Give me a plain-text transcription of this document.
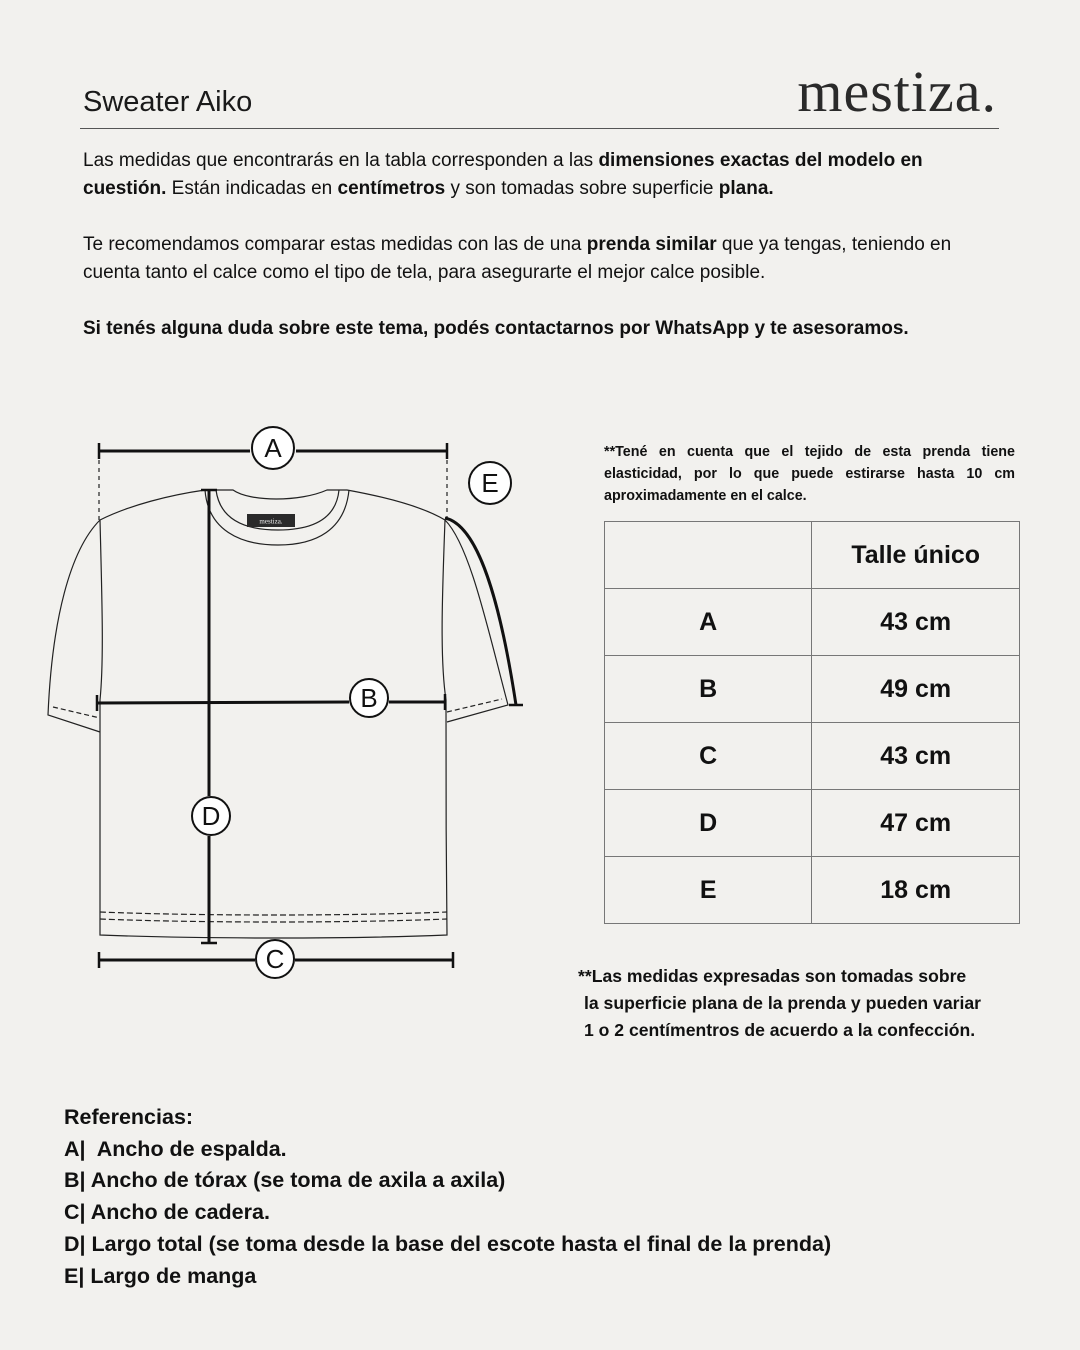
Sweater Aiko	mestiza.
Las medidas que encontrarás en la tabla corresponden a las dimensiones exactas del modelo en cuestión. Están indicadas en centímetros y son tomadas sobre superficie plana.
Te recomendamos comparar estas medidas con las de una prenda similar que ya tengas, teniendo en cuenta tanto el calce como el tipo de tela, para asegurarte el mejor calce posible.
Si tenés alguna duda sobre este tema, podés contactarnos por WhatsApp y te asesoramos.
mestiza.
A
B
C
D
E
**Tené en cuenta que el tejido de esta prenda tiene elasticidad, por lo que puede estirarse hasta 10 cm aproximadamente en el calce.
	Talle único
A	43 cm
B	49 cm
C	43 cm
D	47 cm
E	18 cm
**Las medidas expresadas son tomadas sobre
la superficie plana de la prenda y pueden variar
1 o 2 centímentros de acuerdo a la confección.
Referencias:
A|  Ancho de espalda.
B| Ancho de tórax (se toma de axila a axila)
C| Ancho de cadera.
D| Largo total (se toma desde la base del escote hasta el final de la prenda)
E| Largo de manga
